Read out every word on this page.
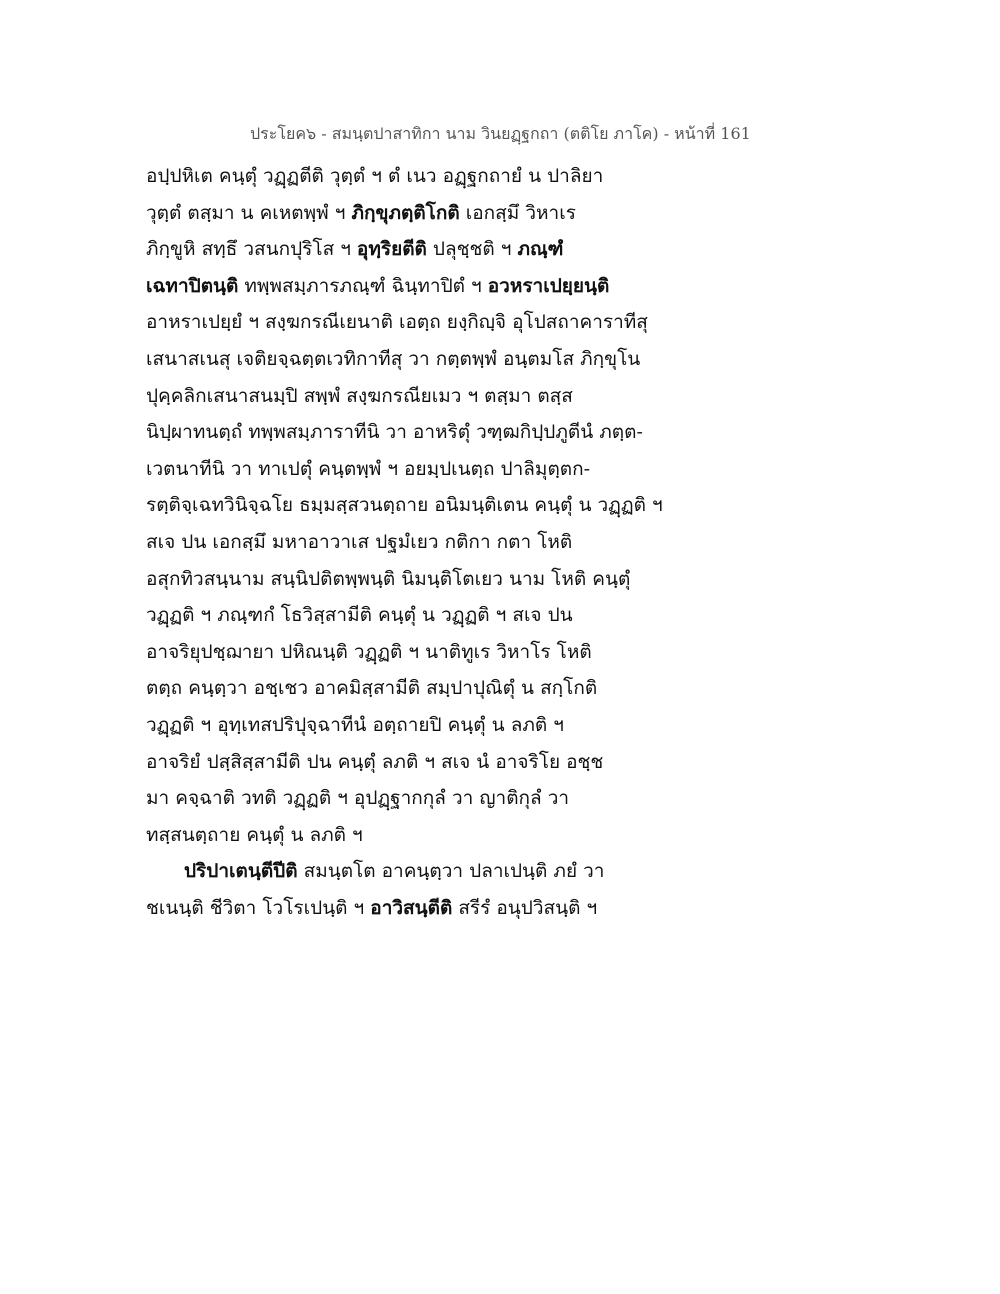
ประโยค๖ - สมนฺตปาสาทิกา นาม วินยฏฺฐกถา (ตติโย ภาโค) - หน้าที่ 161
อปฺปหิเต คนฺตุํ วฏฺฏตีติ วุตฺตํ ฯ ตํ เนว อฏฺฐกถายํ น ปาลิยา
วุตฺตํ ตสฺมา น คเหตพฺพํ ฯ ภิกฺขุภตฺติโกติ เอกสฺมึ วิหาเร
ภิกฺขูหิ สทฺธึ วสนกปุริโส ฯ อุทฺริยตีติ ปลุชฺชติ ฯ ภณฺฑํ
เฉทาปิตนฺติ ทพฺพสมฺภารภณฺฑํ ฉินฺทาปิตํ ฯ อวหราเปยฺยนฺติ
อาหราเปยฺยํ ฯ สงฺฆกรณีเยนาติ เอตฺถ ยงฺกิญฺจิ อุโปสถาคาราทีสุ
เสนาสเนสุ เจติยจฺฉตฺตเวทิกาทีสุ วา กตฺตพฺพํ อนฺตมโส ภิกฺขุโน
ปุคฺคลิกเสนาสนมฺปิ สพฺพํ สงฺฆกรณียเมว ฯ ตสฺมา ตสฺส
นิปฺผาทนตฺถํ ทพฺพสมฺภาราทีนิ วา อาหริตุํ วฑฺฒกิปฺปภูตีนํ ภตฺต-
เวตนาทีนิ วา ทาเปตุํ คนฺตพฺพํ ฯ อยมฺปเนตฺถ ปาลิมุตฺตก-
รตฺติจฺเฉทวินิจฺฉโย ธมฺมสฺสวนตฺถาย อนิมนฺติเตน คนฺตุํ น วฏฺฏติ ฯ
สเจ ปน เอกสฺมึ มหาอาวาเส ปฐมํเยว กติกา กตา โหติ
อสุกทิวสนฺนาม สนฺนิปติตพฺพนฺติ นิมนฺติโตเยว นาม โหติ คนฺตุํ
วฏฺฏติ ฯ ภณฺฑกํ โธวิสฺสามีติ คนฺตุํ น วฏฺฏติ ฯ สเจ ปน
อาจริยุปชฺฌายา ปหิณนฺติ วฏฺฏติ ฯ นาติทูเร วิหาโร โหติ
ตตฺถ คนฺตฺวา อชฺเชว อาคมิสฺสามีติ สมฺปาปุณิตุํ น สกฺโกติ
วฏฺฏติ ฯ อุทฺเทสปริปุจฺฉาทีนํ อตฺถายปิ คนฺตุํ น ลภติ ฯ
อาจริยํ ปสฺสิสฺสามีติ ปน คนฺตุํ ลภติ ฯ สเจ นํ อาจริโย อชฺช
มา คจฺฉาติ วทติ วฏฺฏติ ฯ อุปฏฺฐากกุลํ วา ญาติกุลํ วา
ทสฺสนตฺถาย คนฺตุํ น ลภติ ฯ
ปริปาเตนฺตีปีติ สมนฺตโต อาคนฺตฺวา ปลาเปนฺติ ภยํ วา
ชเนนฺติ ชีวิตา โวโรเปนฺติ ฯ อาวิสนฺตีติ สรีรํ อนุปวิสนฺติ ฯ
